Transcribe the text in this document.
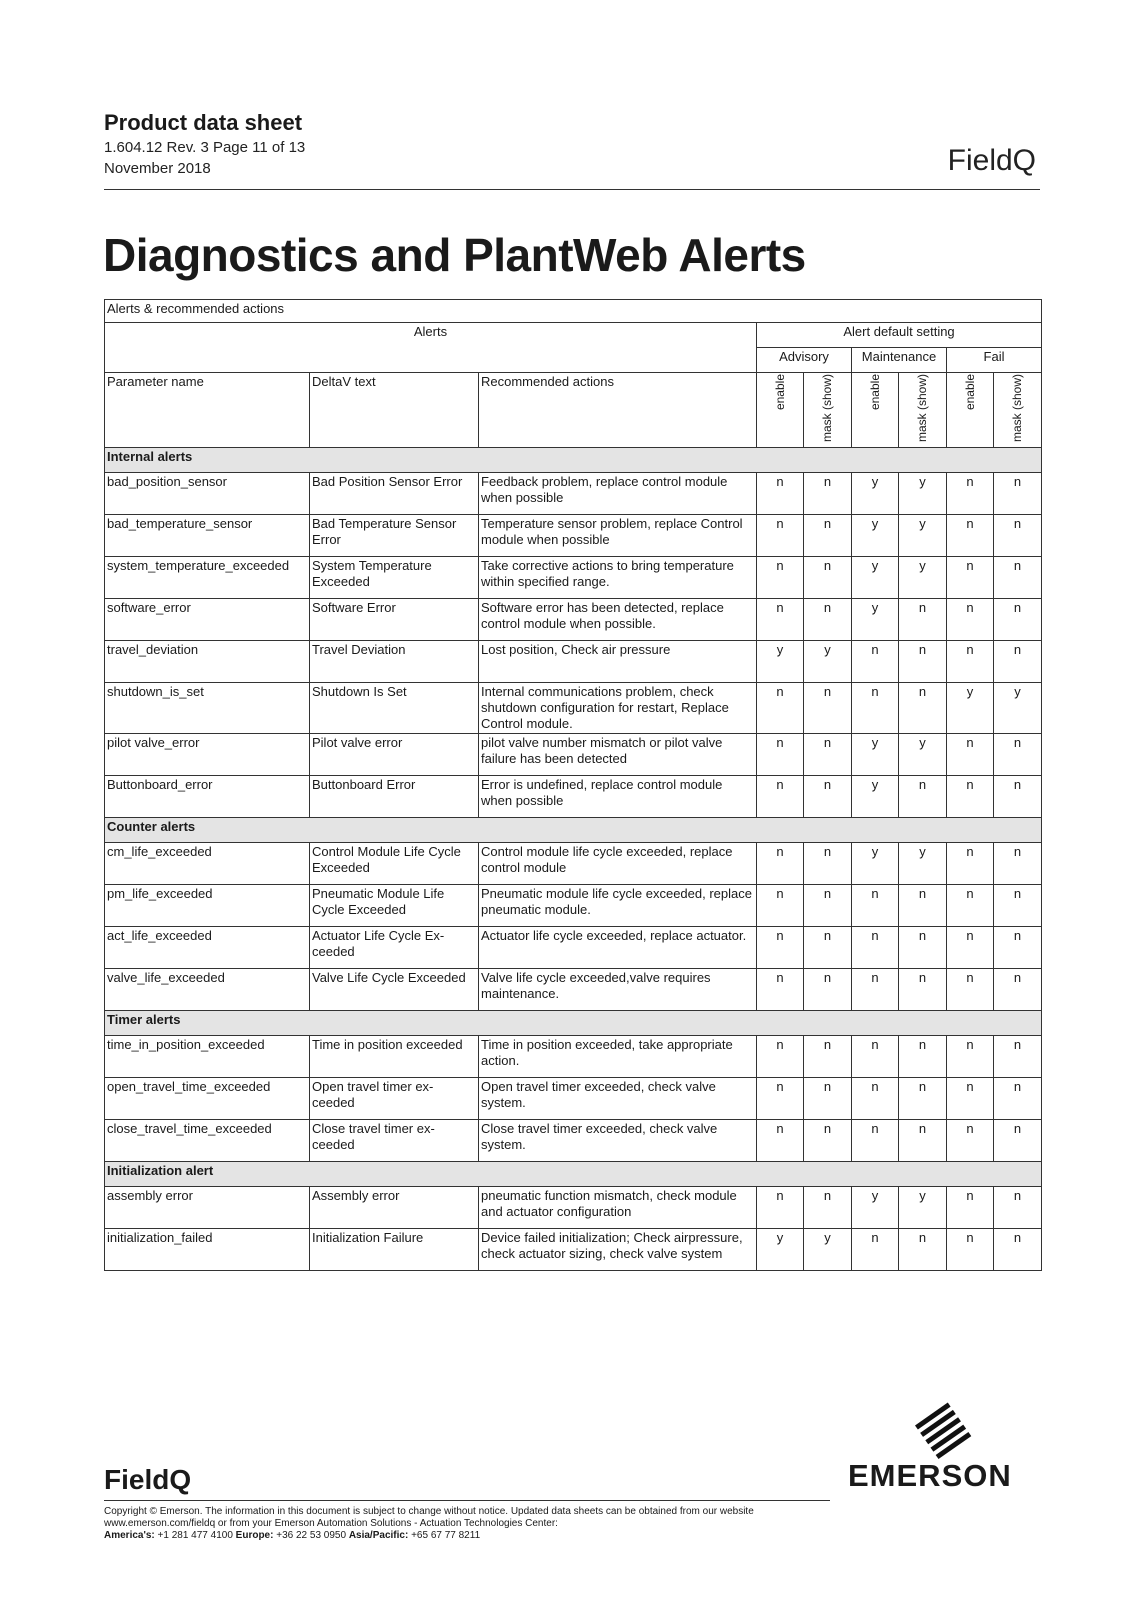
Product data sheet
1.604.12 Rev. 3 Page 11 of 13
November 2018	FieldQ
Diagnostics and PlantWeb Alerts
Alerts & recommended actions								
Alerts			Alert default setting					
			Advisory		Maintenance		Fail	
Parameter name	DeltaV text	Recommended actions	enable	mask (show)	enable	mask (show)	enable	mask (show)
Internal alerts								
bad_position_sensor	Bad Position Sensor Error	Feedback problem, replace control module when possible	n	n	y	y	n	n
bad_temperature_sensor	Bad Temperature Sensor Error	Temperature sensor problem, replace Control module when possible	n	n	y	y	n	n
system_temperature_exceeded	System Temperature Exceeded	Take corrective actions to bring temperature within specified range.	n	n	y	y	n	n
software_error	Software Error	Software error has been detected, replace control module when possible.	n	n	y	n	n	n
travel_deviation	Travel Deviation	Lost position, Check air pressure	y	y	n	n	n	n
shutdown_is_set	Shutdown Is Set	Internal communications problem, check shutdown configuration for restart, Replace Control module.	n	n	n	n	y	y
pilot valve_error	Pilot valve error	pilot valve number mismatch or pilot valve failure has been detected	n	n	y	y	n	n
Buttonboard_error	Buttonboard Error	Error is undefined, replace control module when possible	n	n	y	n	n	n
Counter alerts								
cm_life_exceeded	Control Module Life Cycle Exceeded	Control module life cycle exceeded, replace control module	n	n	y	y	n	n
pm_life_exceeded	Pneumatic Module Life Cycle Exceeded	Pneumatic module life cycle exceeded, replace pneumatic module.	n	n	n	n	n	n
act_life_exceeded	Actuator Life Cycle Ex- ceeded	Actuator life cycle exceeded, replace actuator.	n	n	n	n	n	n
valve_life_exceeded	Valve Life Cycle Exceeded	Valve life cycle exceeded,valve requires maintenance.	n	n	n	n	n	n
Timer alerts								
time_in_position_exceeded	Time in position exceeded	Time in position exceeded, take appropriate action.	n	n	n	n	n	n
open_travel_time_exceeded	Open travel timer ex- ceeded	Open travel timer exceeded, check valve system.	n	n	n	n	n	n
close_travel_time_exceeded	Close travel timer ex- ceeded	Close travel timer exceeded, check valve system.	n	n	n	n	n	n
Initialization alert								
assembly error	Assembly error	pneumatic function mismatch, check module and actuator configuration	n	n	y	y	n	n
initialization_failed	Initialization Failure	Device failed initialization; Check airpressure, check actuator sizing, check valve system	y	y	n	n	n	n
FieldQ
Copyright © Emerson. The information in this document is subject to change without notice. Updated data sheets can be obtained from our website www.emerson.com/fieldq or from your Emerson Automation Solutions - Actuation Technologies Center:
America's: +1 281 477 4100 Europe: +36 22 53 0950 Asia/Pacific: +65 67 77 8211
EMERSON
